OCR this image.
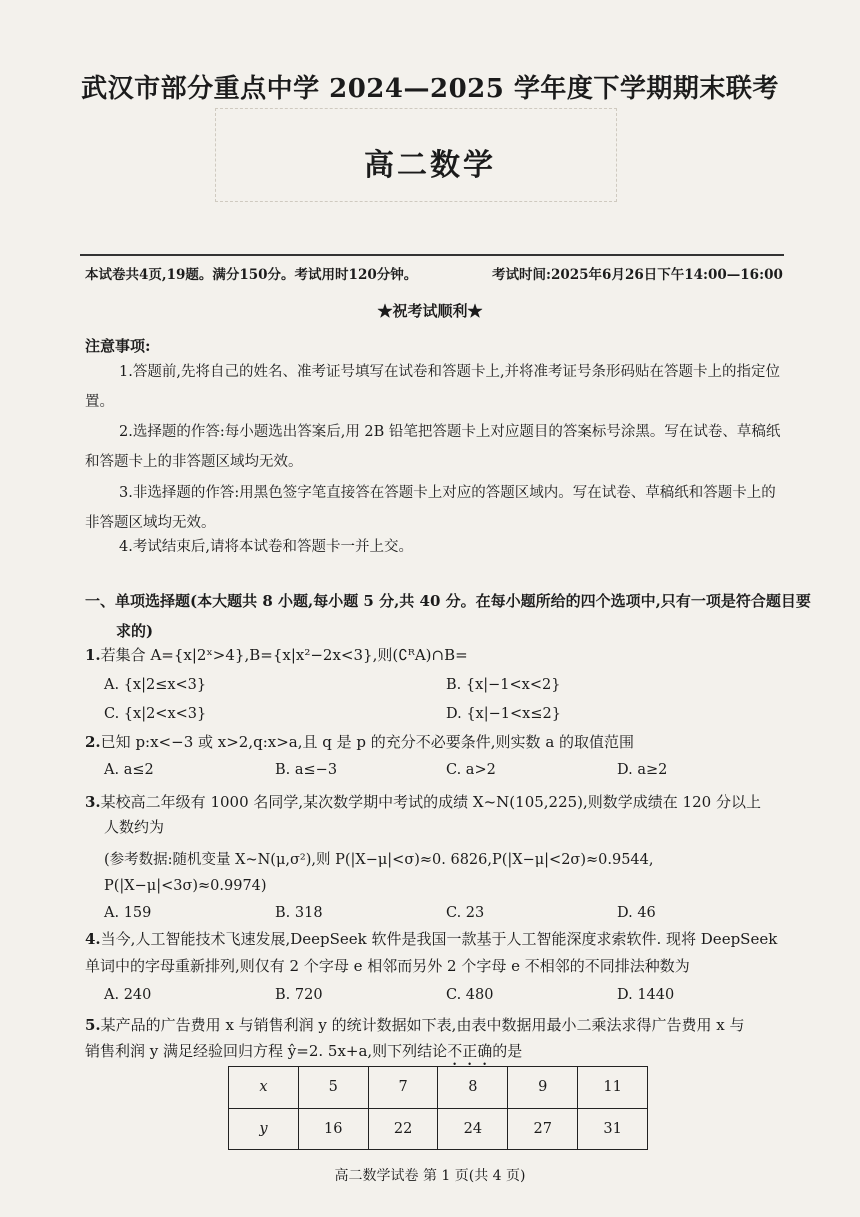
武汉市部分重点中学 2024—2025 学年度下学期期末联考
高二数学
本试卷共4页,19题。满分150分。考试用时120分钟。	考试时间:2025年6月26日下午14:00—16:00
★祝考试顺利★
注意事项:
1.答题前,先将自己的姓名、准考证号填写在试卷和答题卡上,并将准考证号条形码贴在答题卡上的指定位置。
2.选择题的作答:每小题选出答案后,用 2B 铅笔把答题卡上对应题目的答案标号涂黑。写在试卷、草稿纸和答题卡上的非答题区域均无效。
3.非选择题的作答:用黑色签字笔直接答在答题卡上对应的答题区域内。写在试卷、草稿纸和答题卡上的非答题区域均无效。
4.考试结束后,请将本试卷和答题卡一并上交。
一、单项选择题(本大题共 8 小题,每小题 5 分,共 40 分。在每小题所给的四个选项中,只有一项是符合题目要求的)
1.若集合 A={x|2ˣ>4},B={x|x²−2x<3},则(∁ᴿA)∩B=
A. {x|2≤x<3}	B. {x|−1<x<2}
C. {x|2<x<3}	D. {x|−1<x≤2}
2.已知 p:x<−3 或 x>2,q:x>a,且 q 是 p 的充分不必要条件,则实数 a 的取值范围
A. a≤2	B. a≤−3	C. a>2	D. a≥2
3.某校高二年级有 1000 名同学,某次数学期中考试的成绩 X~N(105,225),则数学成绩在 120 分以上
人数约为
(参考数据:随机变量 X~N(μ,σ²),则 P(|X−μ|<σ)≈0. 6826,P(|X−μ|<2σ)≈0.9544,
P(|X−μ|<3σ)≈0.9974)
A. 159	B. 318	C. 23	D. 46
4.当今,人工智能技术飞速发展,DeepSeek 软件是我国一款基于人工智能深度求索软件. 现将 DeepSeek
单词中的字母重新排列,则仅有 2 个字母 e 相邻而另外 2 个字母 e 不相邻的不同排法种数为
A. 240	B. 720	C. 480	D. 1440
5.某产品的广告费用 x 与销售利润 y 的统计数据如下表,由表中数据用最小二乘法求得广告费用 x 与
销售利润 y 满足经验回归方程 ŷ=2. 5x+a,则下列结论不正确的是
x	5	7	8	9	11
y	16	22	24	27	31
高二数学试卷 第 1 页(共 4 页)
